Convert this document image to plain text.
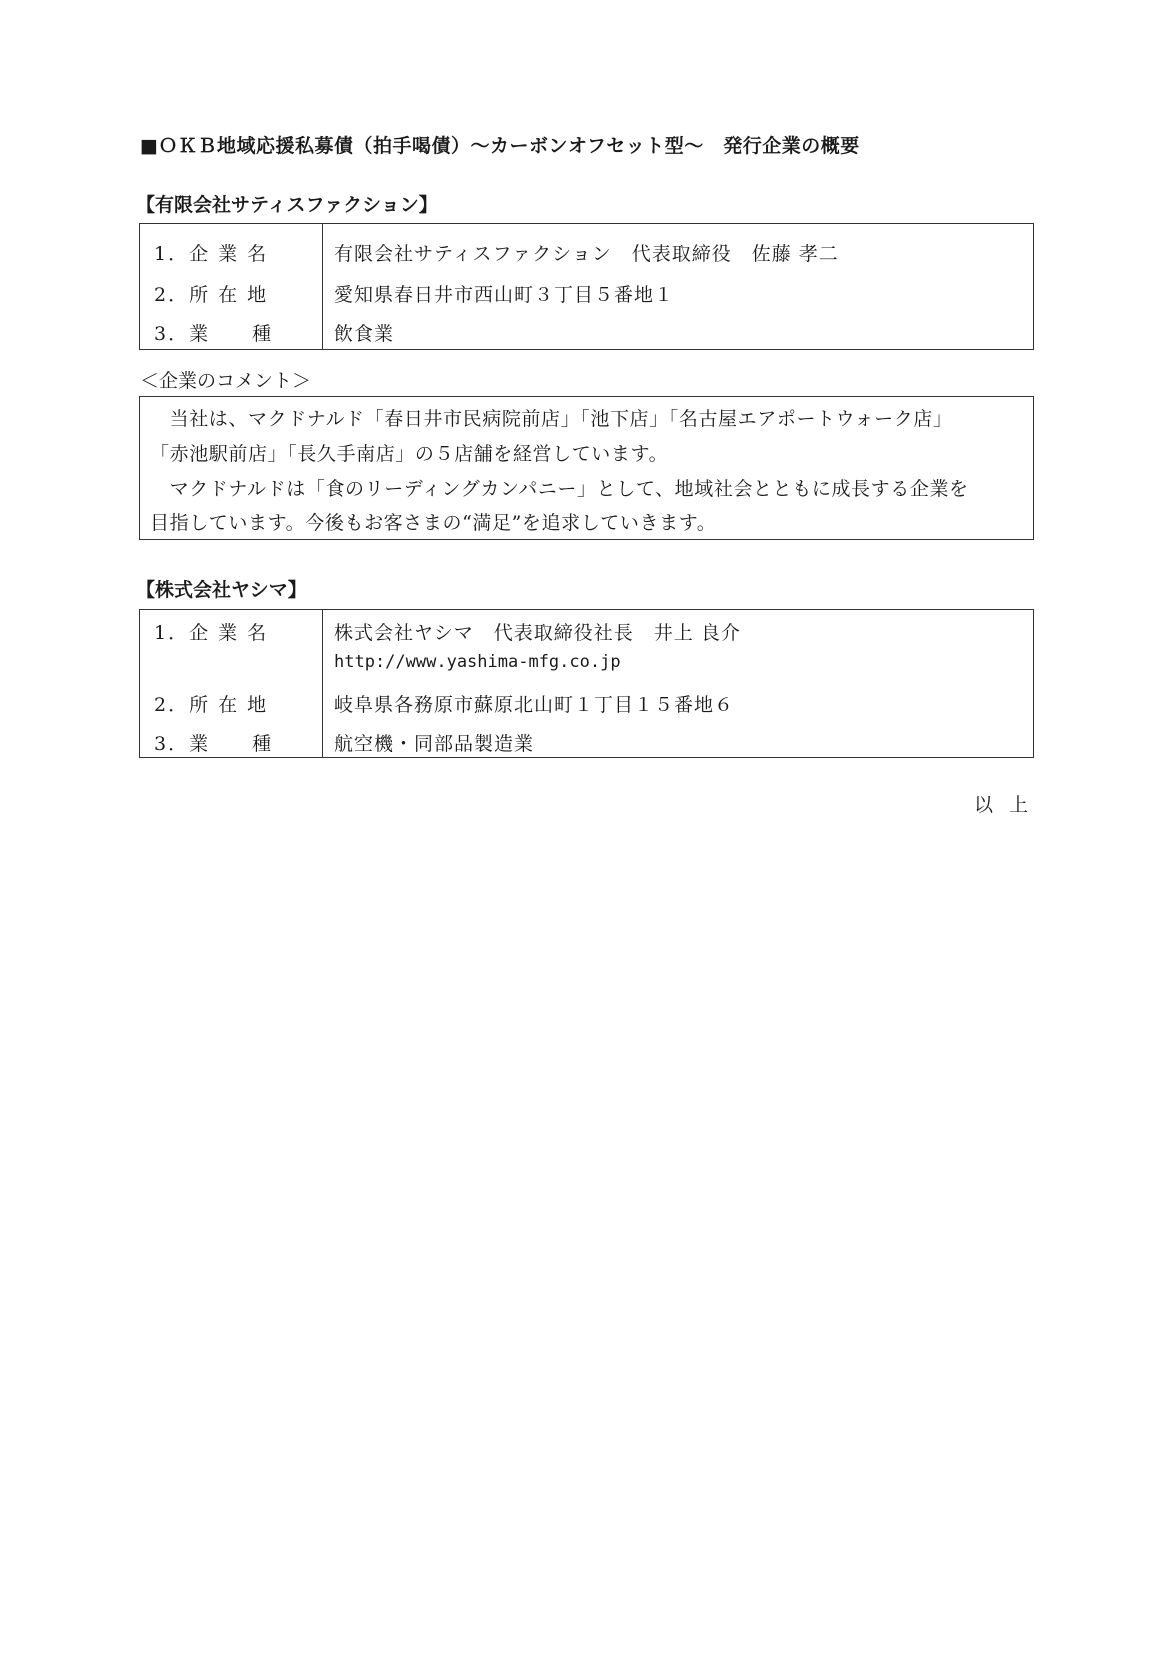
■ＯＫＢ地域応援私募債（拍手喝債）～カーボンオフセット型～　発行企業の概要
【有限会社サティスファクション】
1．企 業 名	有限会社サティスファクション　代表取締役　佐藤 孝二
2．所 在 地	愛知県春日井市西山町３丁目５番地１
3．業　　種	飲食業
＜企業のコメント＞
　当社は、マクドナルド「春日井市民病院前店」「池下店」「名古屋エアポートウォーク店」
「赤池駅前店」「長久手南店」の５店舗を経営しています。
　マクドナルドは「食のリーディングカンパニー」として、地域社会とともに成長する企業を
目指しています。今後もお客さまの“満足”を追求していきます。
【株式会社ヤシマ】
1．企 業 名	株式会社ヤシマ　代表取締役社長　井上 良介
http://www.yashima-mfg.co.jp
2．所 在 地	岐阜県各務原市蘇原北山町１丁目１５番地６
3．業　　種	航空機・同部品製造業
以上
